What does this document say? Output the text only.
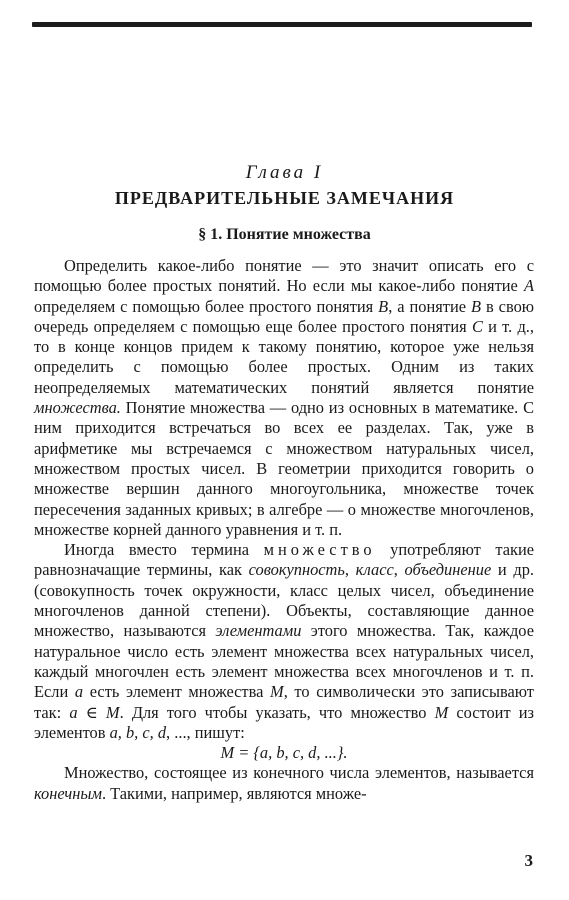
Глава I
ПРЕДВАРИТЕЛЬНЫЕ ЗАМЕЧАНИЯ
§ 1. Понятие множества

Определить какое-либо понятие — это значит описать его с помощью более простых понятий. Но если мы какое-либо понятие A определяем с помощью более простого понятия B, а понятие B в свою очередь определяем с помощью еще более простого понятия C и т. д., то в конце концов придем к такому понятию, которое уже нельзя определить с помощью более простых. Одним из таких неопределяемых математических понятий является понятие множества. Понятие множества — одно из основных в математике. С ним приходится встречаться во всех ее разделах. Так, уже в арифметике мы встречаемся с множеством натуральных чисел, множеством простых чисел. В геометрии приходится говорить о множестве вершин данного многоугольника, множестве точек пересечения заданных кривых; в алгебре — о множестве многочленов, множестве корней данного уравнения и т. п.

Иногда вместо термина множество употребляют такие равнозначащие термины, как совокупность, класс, объединение и др. (совокупность точек окружности, класс целых чисел, объединение многочленов данной степени). Объекты, составляющие данное множество, называются элементами этого множества. Так, каждое натуральное число есть элемент множества всех натуральных чисел, каждый многочлен есть элемент множества всех многочленов и т. п. Если a есть элемент множества M, то символически это записывают так: a ∈ M. Для того чтобы указать, что множество M состоит из элементов a, b, c, d, ..., пишут:

M = {a, b, c, d, ...}.

Множество, состоящее из конечного числа элементов, называется конечным. Такими, например, являются множе-

3
